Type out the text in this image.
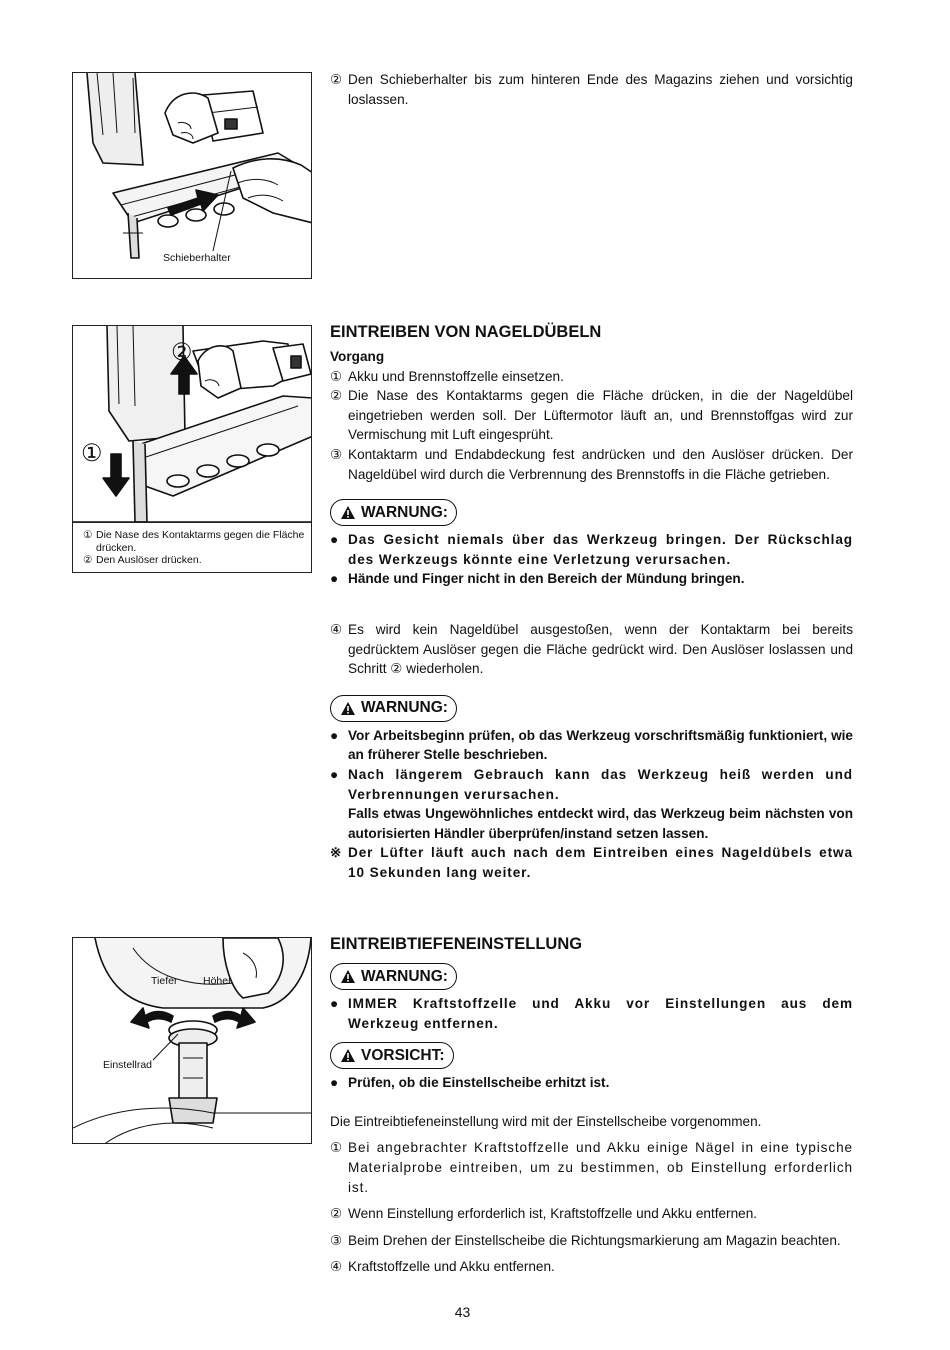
Schieberhalter
①
②
① Die Nase des Kontaktarms gegen die Fläche drücken.
② Den Auslöser drücken.
Tiefer Höher
Einstellrad
② Den Schieberhalter bis zum hinteren Ende des Magazins ziehen und vorsichtig loslassen.
EINTREIBEN VON NAGELDÜBELN
Vorgang
① Akku und Brennstoffzelle einsetzen.
② Die Nase des Kontaktarms gegen die Fläche drücken, in die der Nageldübel eingetrieben werden soll. Der Lüftermotor läuft an, und Brennstoffgas wird zur Vermischung mit Luft eingesprüht.
③ Kontaktarm und Endabdeckung fest andrücken und den Auslöser drücken. Der Nageldübel wird durch die Verbrennung des Brennstoffs in die Fläche getrieben.
WARNUNG:
● Das Gesicht niemals über das Werkzeug bringen. Der Rückschlag des Werkzeugs könnte eine Verletzung verursachen.
● Hände und Finger nicht in den Bereich der Mündung bringen.
④ Es wird kein Nageldübel ausgestoßen, wenn der Kontaktarm bei bereits gedrücktem Auslöser gegen die Fläche gedrückt wird. Den Auslöser loslassen und Schritt ② wiederholen.
WARNUNG:
● Vor Arbeitsbeginn prüfen, ob das Werkzeug vorschriftsmäßig funktioniert, wie an früherer Stelle beschrieben.
● Nach längerem Gebrauch kann das Werkzeug heiß werden und Verbrennungen verursachen.
Falls etwas Ungewöhnliches entdeckt wird, das Werkzeug beim nächsten von autorisierten Händler überprüfen/instand setzen lassen.
※ Der Lüfter läuft auch nach dem Eintreiben eines Nageldübels etwa 10 Sekunden lang weiter.
EINTREIBTIEFENEINSTELLUNG
WARNUNG:
● IMMER Kraftstoffzelle und Akku vor Einstellungen aus dem Werkzeug entfernen.
VORSICHT:
● Prüfen, ob die Einstellscheibe erhitzt ist.
Die Eintreibtiefeneinstellung wird mit der Einstellscheibe vorgenommen.
① Bei angebrachter Kraftstoffzelle und Akku einige Nägel in eine typische Materialprobe eintreiben, um zu bestimmen, ob Einstellung erforderlich ist.
② Wenn Einstellung erforderlich ist, Kraftstoffzelle und Akku entfernen.
③ Beim Drehen der Einstellscheibe die Richtungsmarkierung am Magazin beachten.
④ Kraftstoffzelle und Akku entfernen.
43
